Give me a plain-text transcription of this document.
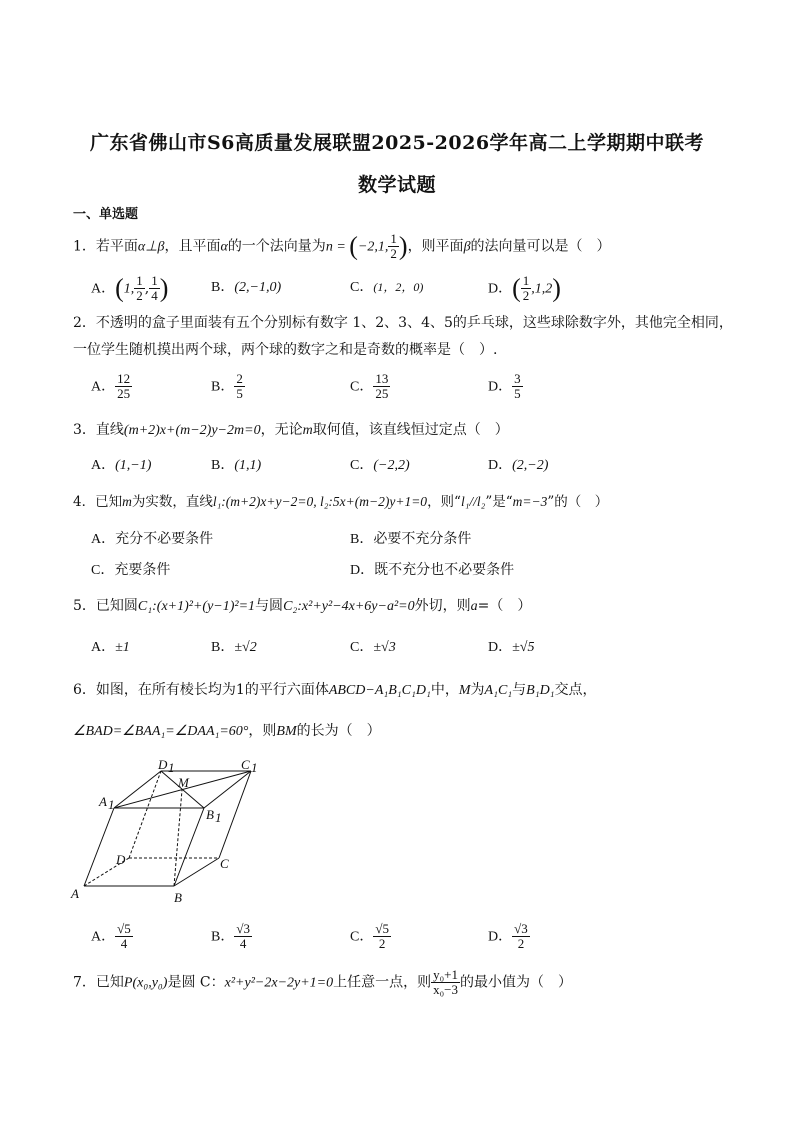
广东省佛山市S6高质量发展联盟2025-2026学年高二上学期期中联考
数学试题
一、单选题
1．若平面α⊥β，且平面α的一个法向量为n = (−2,1, $\frac{1}{2}$ )，则平面β的法向量可以是（　）
A．(1, $\frac{1}{2}$ , $\frac{1}{4}$ )	B．(2,−1,0)	C．(1，2，0)	D．( $\frac{1}{2} ,1,2$)
2．不透明的盒子里面装有五个分别标有数字 1、2、3、4、5的乒乓球，这些球除数字外，其他完全相同，
一位学生随机摸出两个球，两个球的数字之和是奇数的概率是（　）.
A． $\frac{12}{25}$	B． $\frac{2}{5}$	C． $\frac{13}{25}$	D． $\frac{3}{5}$
3．直线(m+2)x+(m−2)y−2m=0，无论m取何值，该直线恒过定点（　）
A．(1,−1)	B．(1,1)	C．(−2,2)	D．(2,−2)
4．已知m为实数，直线l₁:(m+2)x+y−2=0, l₂:5x+(m−2)y+1=0，则“l₁//l₂”是“m=−3”的（　）
A．充分不必要条件	B．必要不充分条件
C．充要条件	D．既不充分也不必要条件
5．已知圆C₁:(x+1)²+(y−1)²=1与圆C₂:x²+y²−4x+6y−a²=0外切，则a=（　）
A．±1	B．±√2	C．±√3	D．±√5
6．如图，在所有棱长均为1的平行六面体ABCD−A₁B₁C₁D₁中，M为A₁C₁与B₁D₁交点，
∠BAD=∠BAA₁=∠DAA₁=60°，则BM的长为（　）
A	B
C
D
A 1
B 1
C 1
D 1
M
A． $\frac{√5}{4}$	B． $\frac{√3}{4}$	C． $\frac{√5}{2}$	D． $\frac{√3}{2}$
7．已知P(x₀,y₀)是圆 C：x²+y²−2x−2y+1=0上任意一点，则 $\frac{\text{y₀+1}}{\text{x₀−3}}$ 的最小值为（　）
